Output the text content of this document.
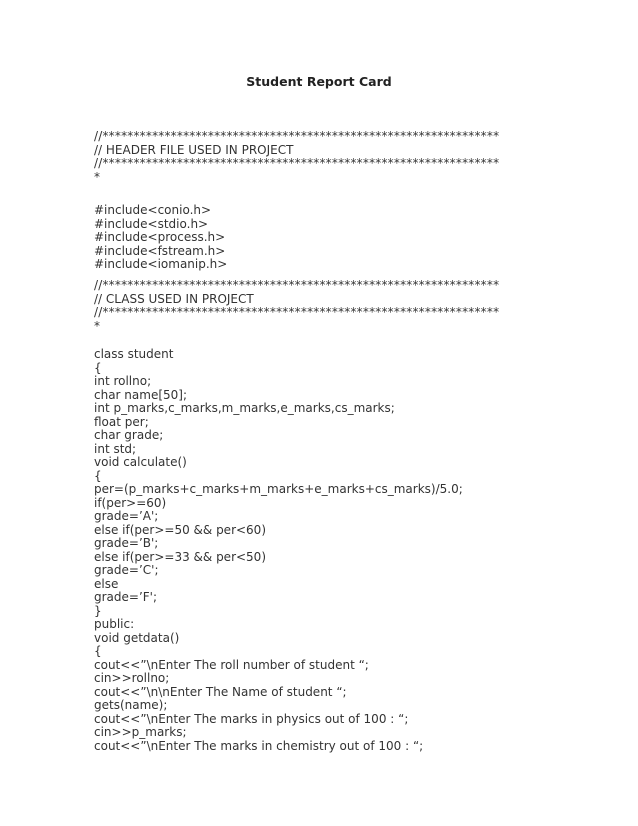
Student Report Card
//****************************************************************
// HEADER FILE USED IN PROJECT
//****************************************************************
*
#include<conio.h>
#include<stdio.h>
#include<process.h>
#include<fstream.h>
#include<iomanip.h>
//****************************************************************
// CLASS USED IN PROJECT
//****************************************************************
*
class student
{
int rollno;
char name[50];
int p_marks,c_marks,m_marks,e_marks,cs_marks;
float per;
char grade;
int std;
void calculate()
{
per=(p_marks+c_marks+m_marks+e_marks+cs_marks)/5.0;
if(per>=60)
grade=’A';
else if(per>=50 && per<60)
grade=’B';
else if(per>=33 && per<50)
grade=’C';
else
grade=’F';
}
public:
void getdata()
{
cout<<”\nEnter The roll number of student “;
cin>>rollno;
cout<<”\n\nEnter The Name of student “;
gets(name);
cout<<”\nEnter The marks in physics out of 100 : “;
cin>>p_marks;
cout<<”\nEnter The marks in chemistry out of 100 : “;
